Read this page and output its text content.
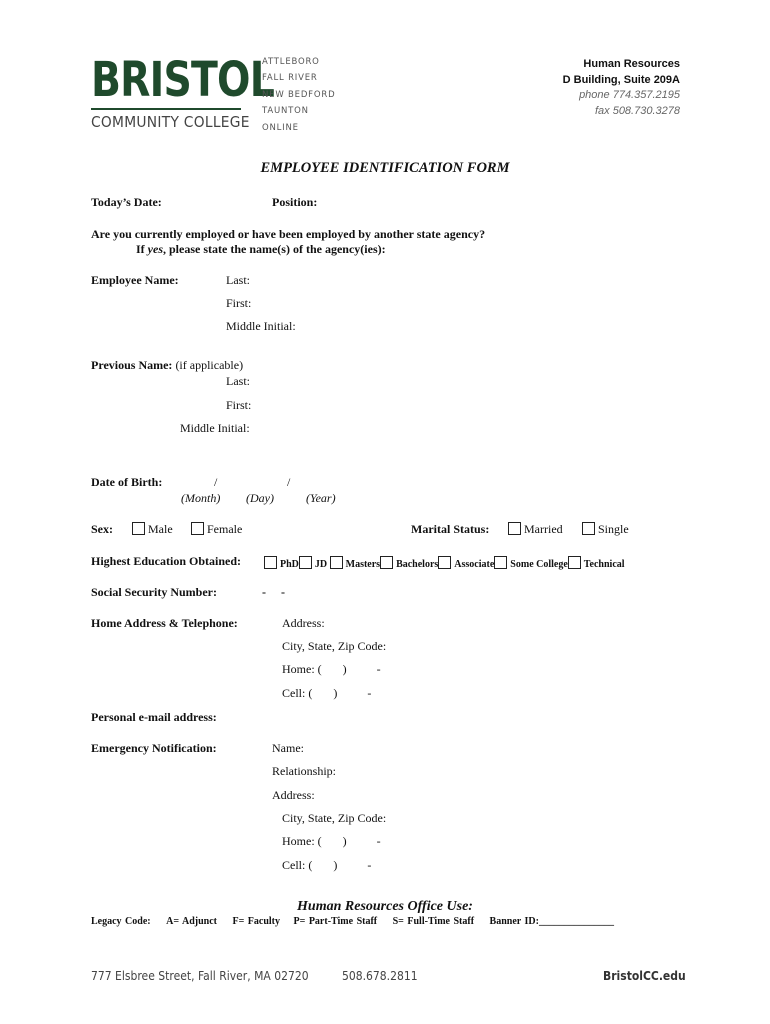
BRISTOL
COMMUNITY COLLEGE
ATTLEBORO
FALL RIVER
NEW BEDFORD
TAUNTON
ONLINE
Human Resources
D Building, Suite 209A
phone 774.357.2195
fax 508.730.3278
EMPLOYEE IDENTIFICATION FORM
Today’s Date:	Position:
Are you currently employed or have been employed by another state agency?
If yes, please state the name(s) of the agency(ies):
Employee Name:	Last:
First:
Middle Initial:
Previous Name: (if applicable)
Last:
First:
Middle Initial:
Date of Birth:	/	/
(Month) (Day)	(Year)
Sex:	Male	Female	Marital Status:	Married	Single
Highest Education Obtained:	PhD JD Masters Bachelors Associate Some College Technical
Social Security Number:	-     -
Home Address & Telephone:	Address:
City, State, Zip Code:
Home: (       )          -
Cell: (       )          -
Personal e-mail address:
Emergency Notification:	Name:
Relationship:
Address:
City, State, Zip Code:
Home: (       )          -
Cell: (       )          -
Human Resources Office Use:
Legacy Code: A= Adjunct F= Faculty P= Part-Time Staff S= Full-Time Staff Banner ID:_______________
777 Elsbree Street, Fall River, MA 02720	508.678.2811	BristolCC.edu
